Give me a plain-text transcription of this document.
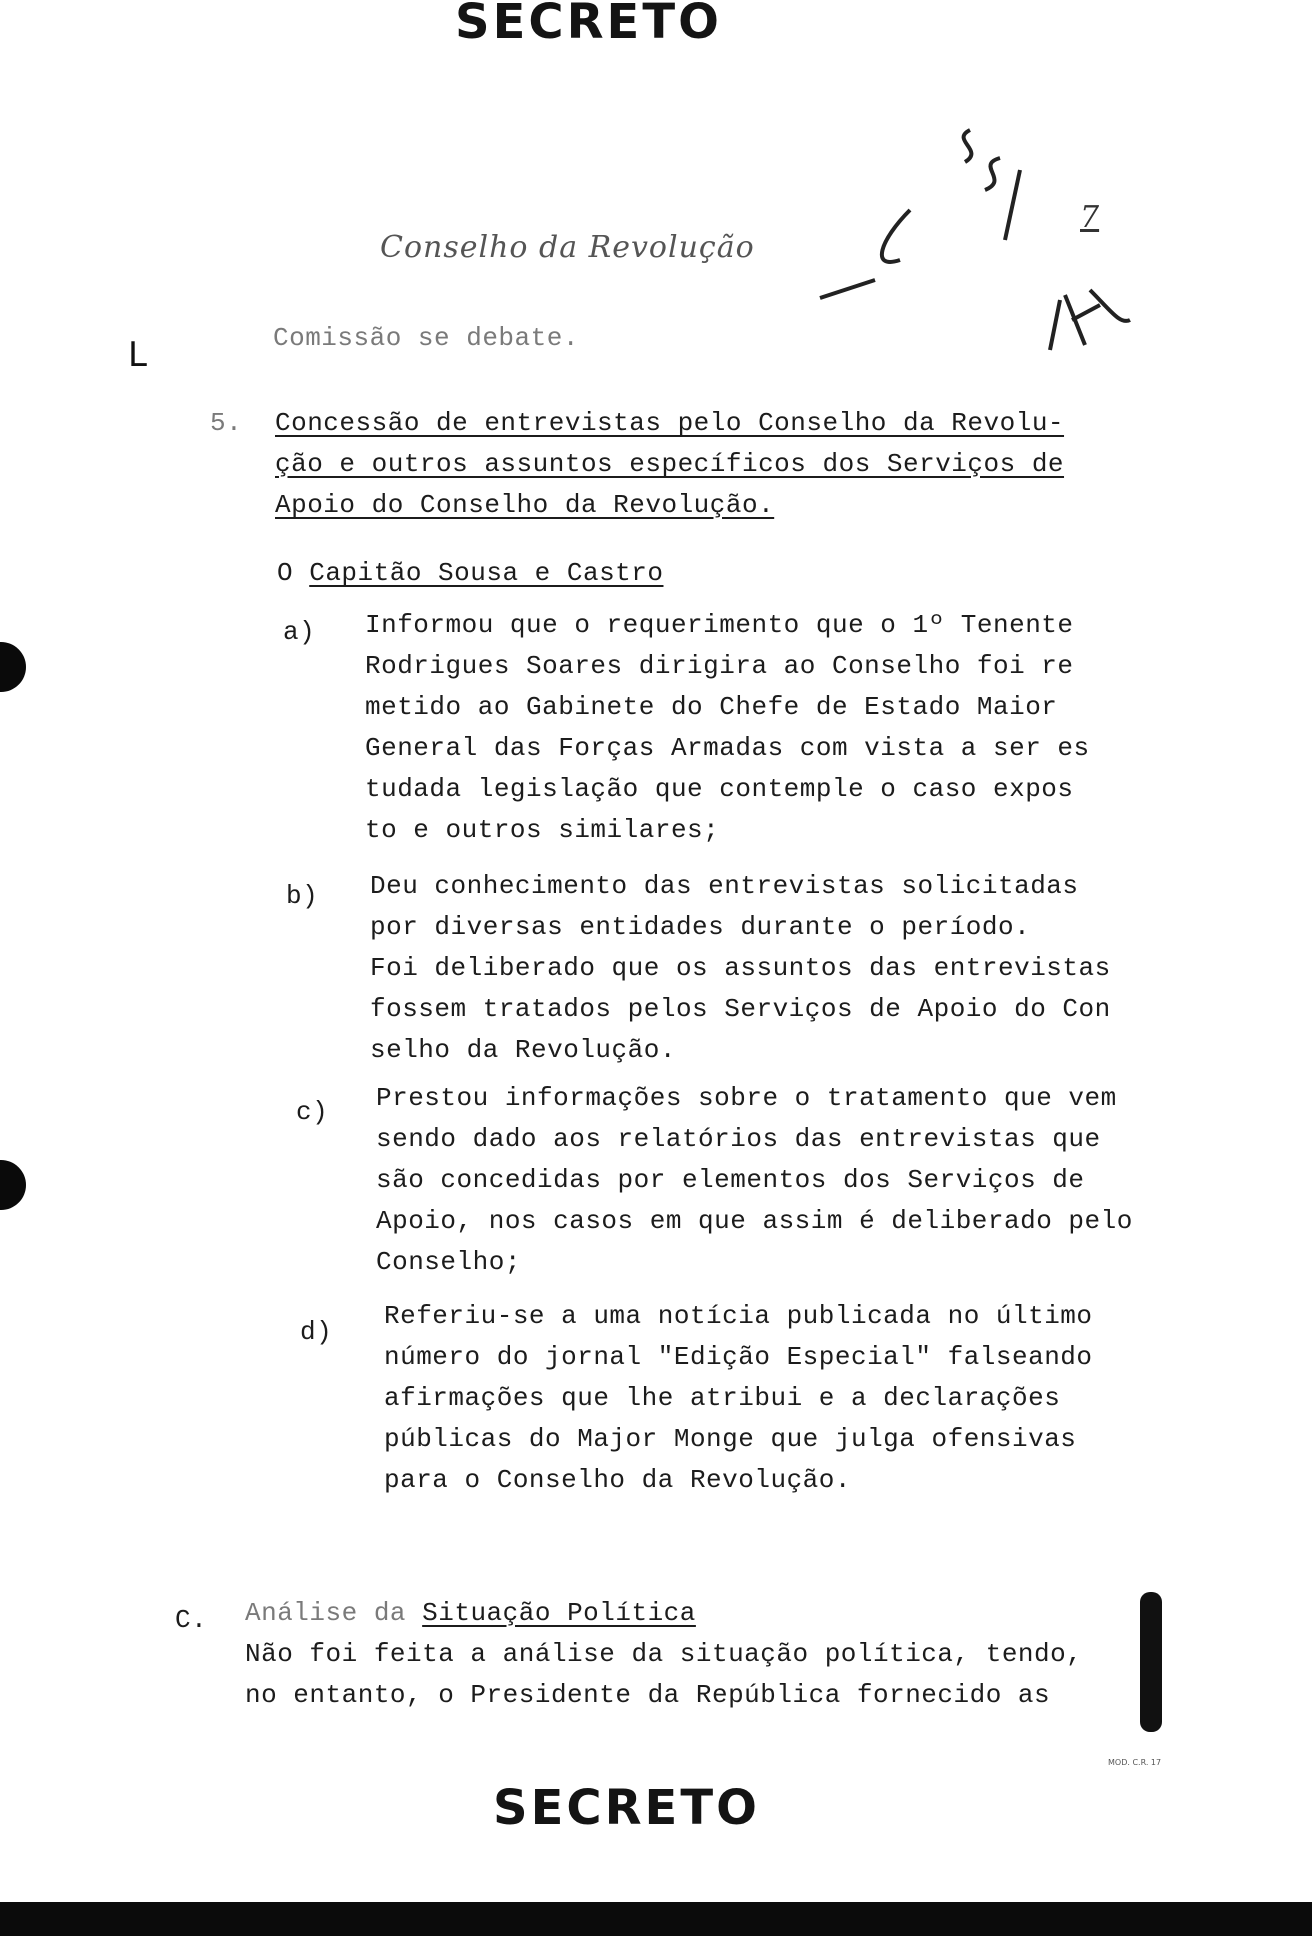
SECRETO
Conselho da Revolução
7
L	Comissão se debate.
5. Concessão de entrevistas pelo Conselho da Revolu-
ção e outros assuntos específicos dos Serviços de
Apoio do Conselho da Revolução.
O Capitão Sousa e Castro
a) Informou que o requerimento que o 1º Tenente
Rodrigues Soares dirigira ao Conselho foi re
metido ao Gabinete do Chefe de Estado Maior
General das Forças Armadas com vista a ser es
tudada legislação que contemple o caso expos
to e outros similares;
b) Deu conhecimento das entrevistas solicitadas
por diversas entidades durante o período.
Foi deliberado que os assuntos das entrevistas
fossem tratados pelos Serviços de Apoio do Con
selho da Revolução.
c) Prestou informações sobre o tratamento que vem
sendo dado aos relatórios das entrevistas que
são concedidas por elementos dos Serviços de
Apoio, nos casos em que assim é deliberado pelo
Conselho;
d)
Referiu-se a uma notícia publicada no último
número do jornal "Edição Especial" falseando
afirmações que lhe atribui e a declarações
públicas do Major Monge que julga ofensivas
para o Conselho da Revolução.
C. Análise da Situação Política
Não foi feita a análise da situação política, tendo,
no entanto, o Presidente da República fornecido as
MOD. C.R. 17
SECRETO
